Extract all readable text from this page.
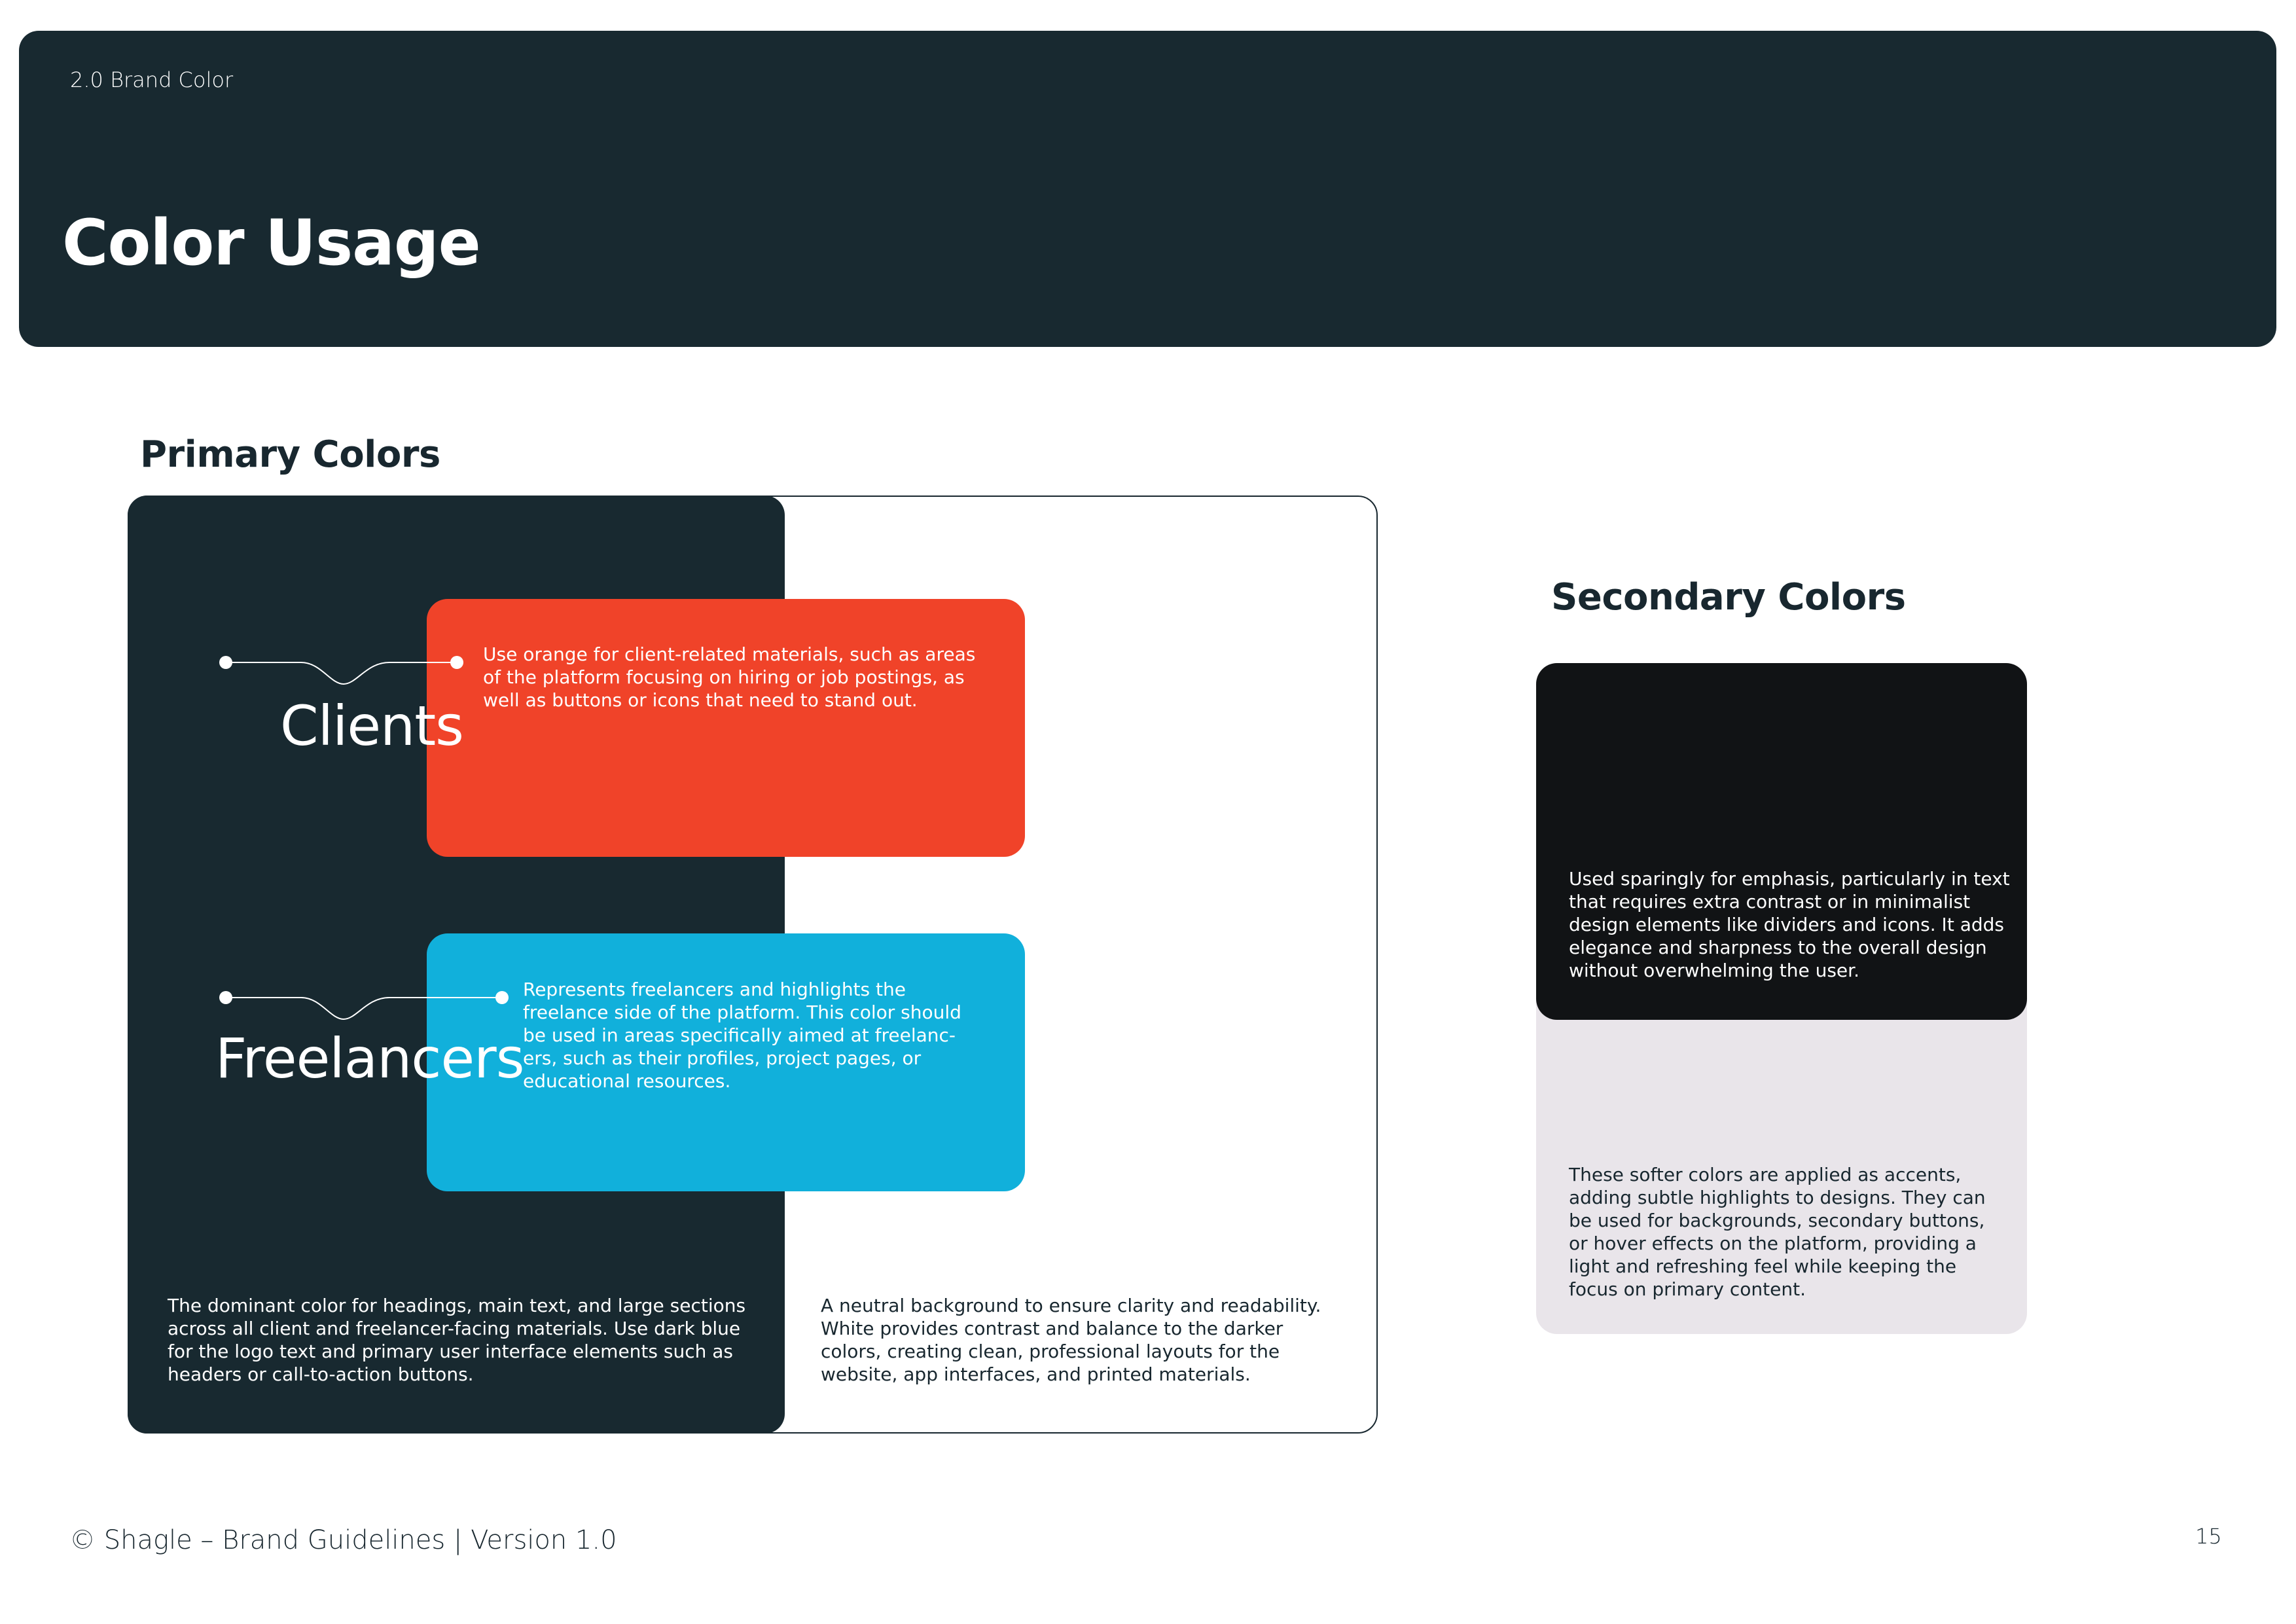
2.0 Brand Color
Color Usage
Primary Colors
Clients
Freelancers
Use orange for client-related materials, such as areas
of the platform focusing on hiring or job postings, as
well as buttons or icons that need to stand out.
Represents freelancers and highlights the
freelance side of the platform. This color should
be used in areas specifically aimed at freelanc-
ers, such as their profiles, project pages, or
educational resources.
The dominant color for headings, main text, and large sections
across all client and freelancer-facing materials. Use dark blue
for the logo text and primary user interface elements such as
headers or call-to-action buttons.
A neutral background to ensure clarity and readability.
White provides contrast and balance to the darker
colors, creating clean, professional layouts for the
website, app interfaces, and printed materials.
Secondary Colors
These softer colors are applied as accents,
adding subtle highlights to designs. They can
be used for backgrounds, secondary buttons,
or hover effects on the platform, providing a
light and refreshing feel while keeping the
focus on primary content.
Used sparingly for emphasis, particularly in text
that requires extra contrast or in minimalist
design elements like dividers and icons. It adds
elegance and sharpness to the overall design
without overwhelming the user.
© Shagle – Brand Guidelines | Version 1.0	15
